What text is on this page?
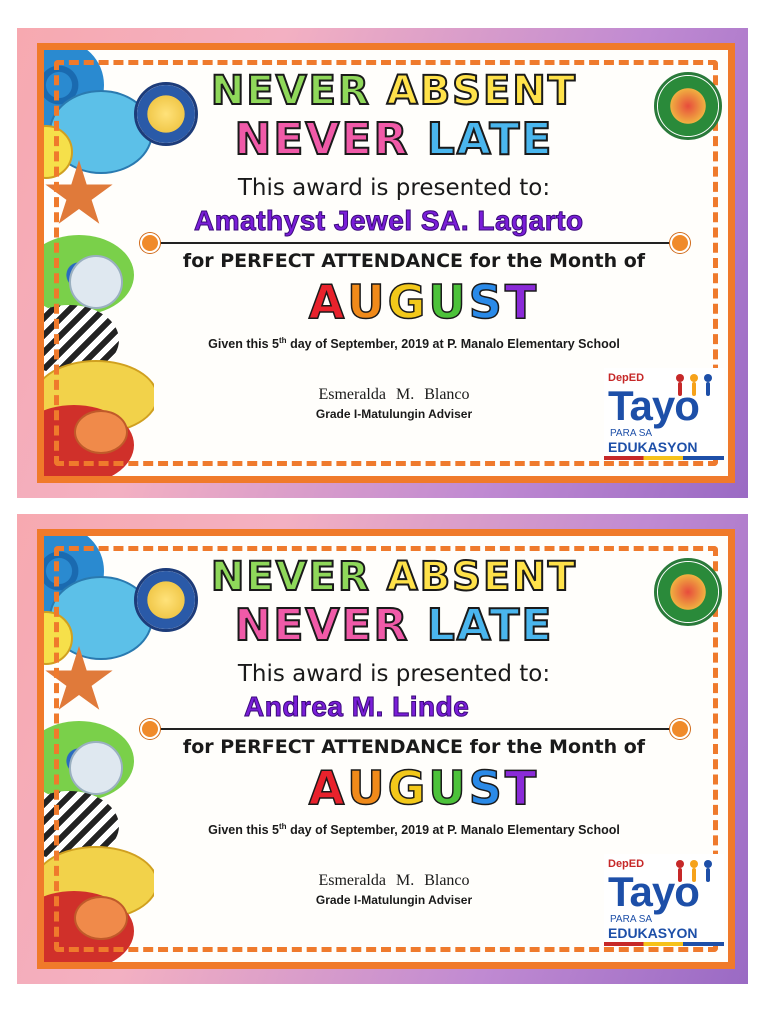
NEVER ABSENT
NEVER LATE
This award is presented to:
Amathyst Jewel SA. Lagarto
for PERFECT ATTENDANCE for the Month of
AUGUST
Given this 5th day of September, 2019 at P. Manalo Elementary School
Esmeralda M. Blanco
Grade I-Matulungin Adviser
DepED
Tayo
PARA SA
EDUKASYON
NEVER ABSENT
NEVER LATE
This award is presented to:
Andrea M. Linde
for PERFECT ATTENDANCE for the Month of
AUGUST
Given this 5th day of September, 2019 at P. Manalo Elementary School
Esmeralda M. Blanco
Grade I-Matulungin Adviser
DepED
Tayo
PARA SA
EDUKASYON
